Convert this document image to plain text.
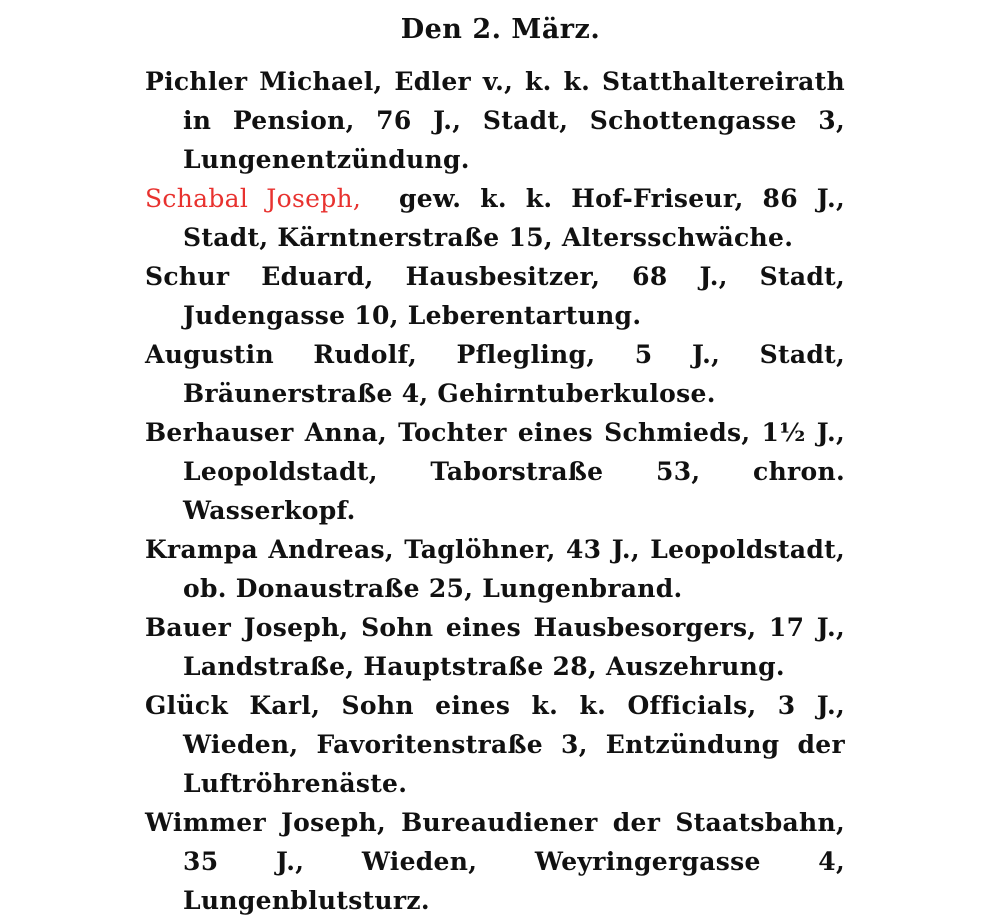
Den 2. März.

Pichler Michael, Edler v., k. k. Statthaltereirath in Pension, 76 J., Stadt, Schottengasse 3, Lungenentzündung.

Schabal Joseph, gew. k. k. Hof-Friseur, 86 J., Stadt, Kärntnerstraße 15, Altersschwäche.

Schur Eduard, Hausbesitzer, 68 J., Stadt, Judengasse 10, Leberentartung.

Augustin Rudolf, Pflegling, 5 J., Stadt, Bräunerstraße 4, Gehirntuberkulose.

Berhauser Anna, Tochter eines Schmieds, 1½ J., Leopoldstadt, Taborstraße 53, chron. Wasserkopf.

Krampa Andreas, Taglöhner, 43 J., Leopoldstadt, ob. Donaustraße 25, Lungenbrand.

Bauer Joseph, Sohn eines Hausbesorgers, 17 J., Landstraße, Hauptstraße 28, Auszehrung.

Glück Karl, Sohn eines k. k. Officials, 3 J., Wieden, Favoritenstraße 3, Entzündung der Luftröhrenäste.

Wimmer Joseph, Bureaudiener der Staatsbahn, 35 J., Wieden, Weyringergasse 4, Lungenblutsturz.
